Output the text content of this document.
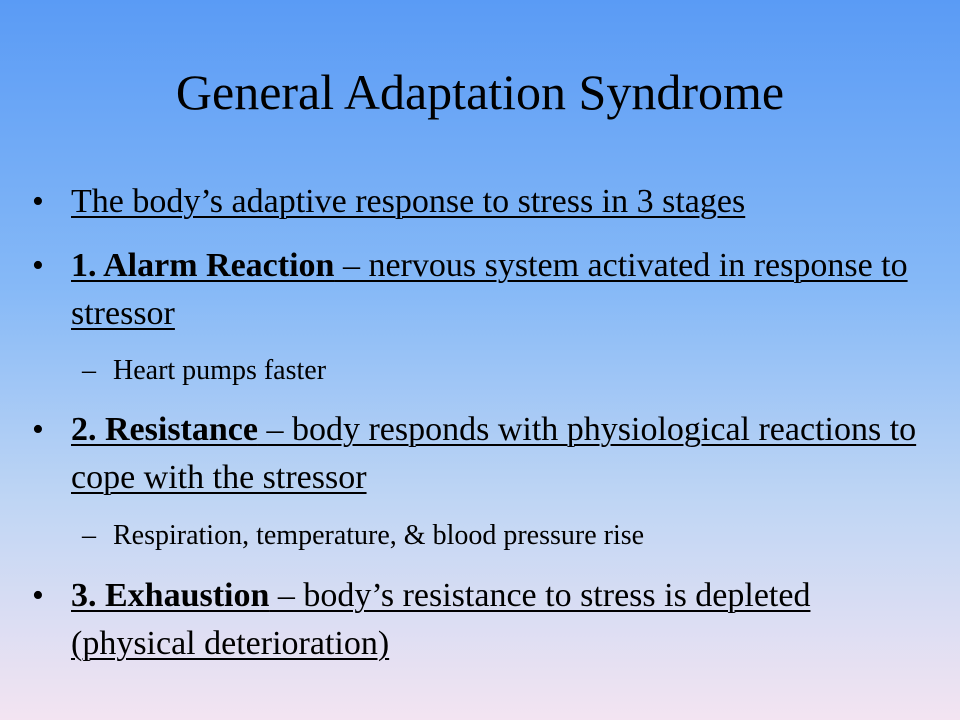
General Adaptation Syndrome
• The body’s adaptive response to stress in 3 stages
• 1. Alarm Reaction – nervous system activated in response to stressor
– Heart pumps faster
• 2. Resistance – body responds with physiological reactions to cope with the stressor
– Respiration, temperature, & blood pressure rise
• 3. Exhaustion – body’s resistance to stress is depleted (physical deterioration)
